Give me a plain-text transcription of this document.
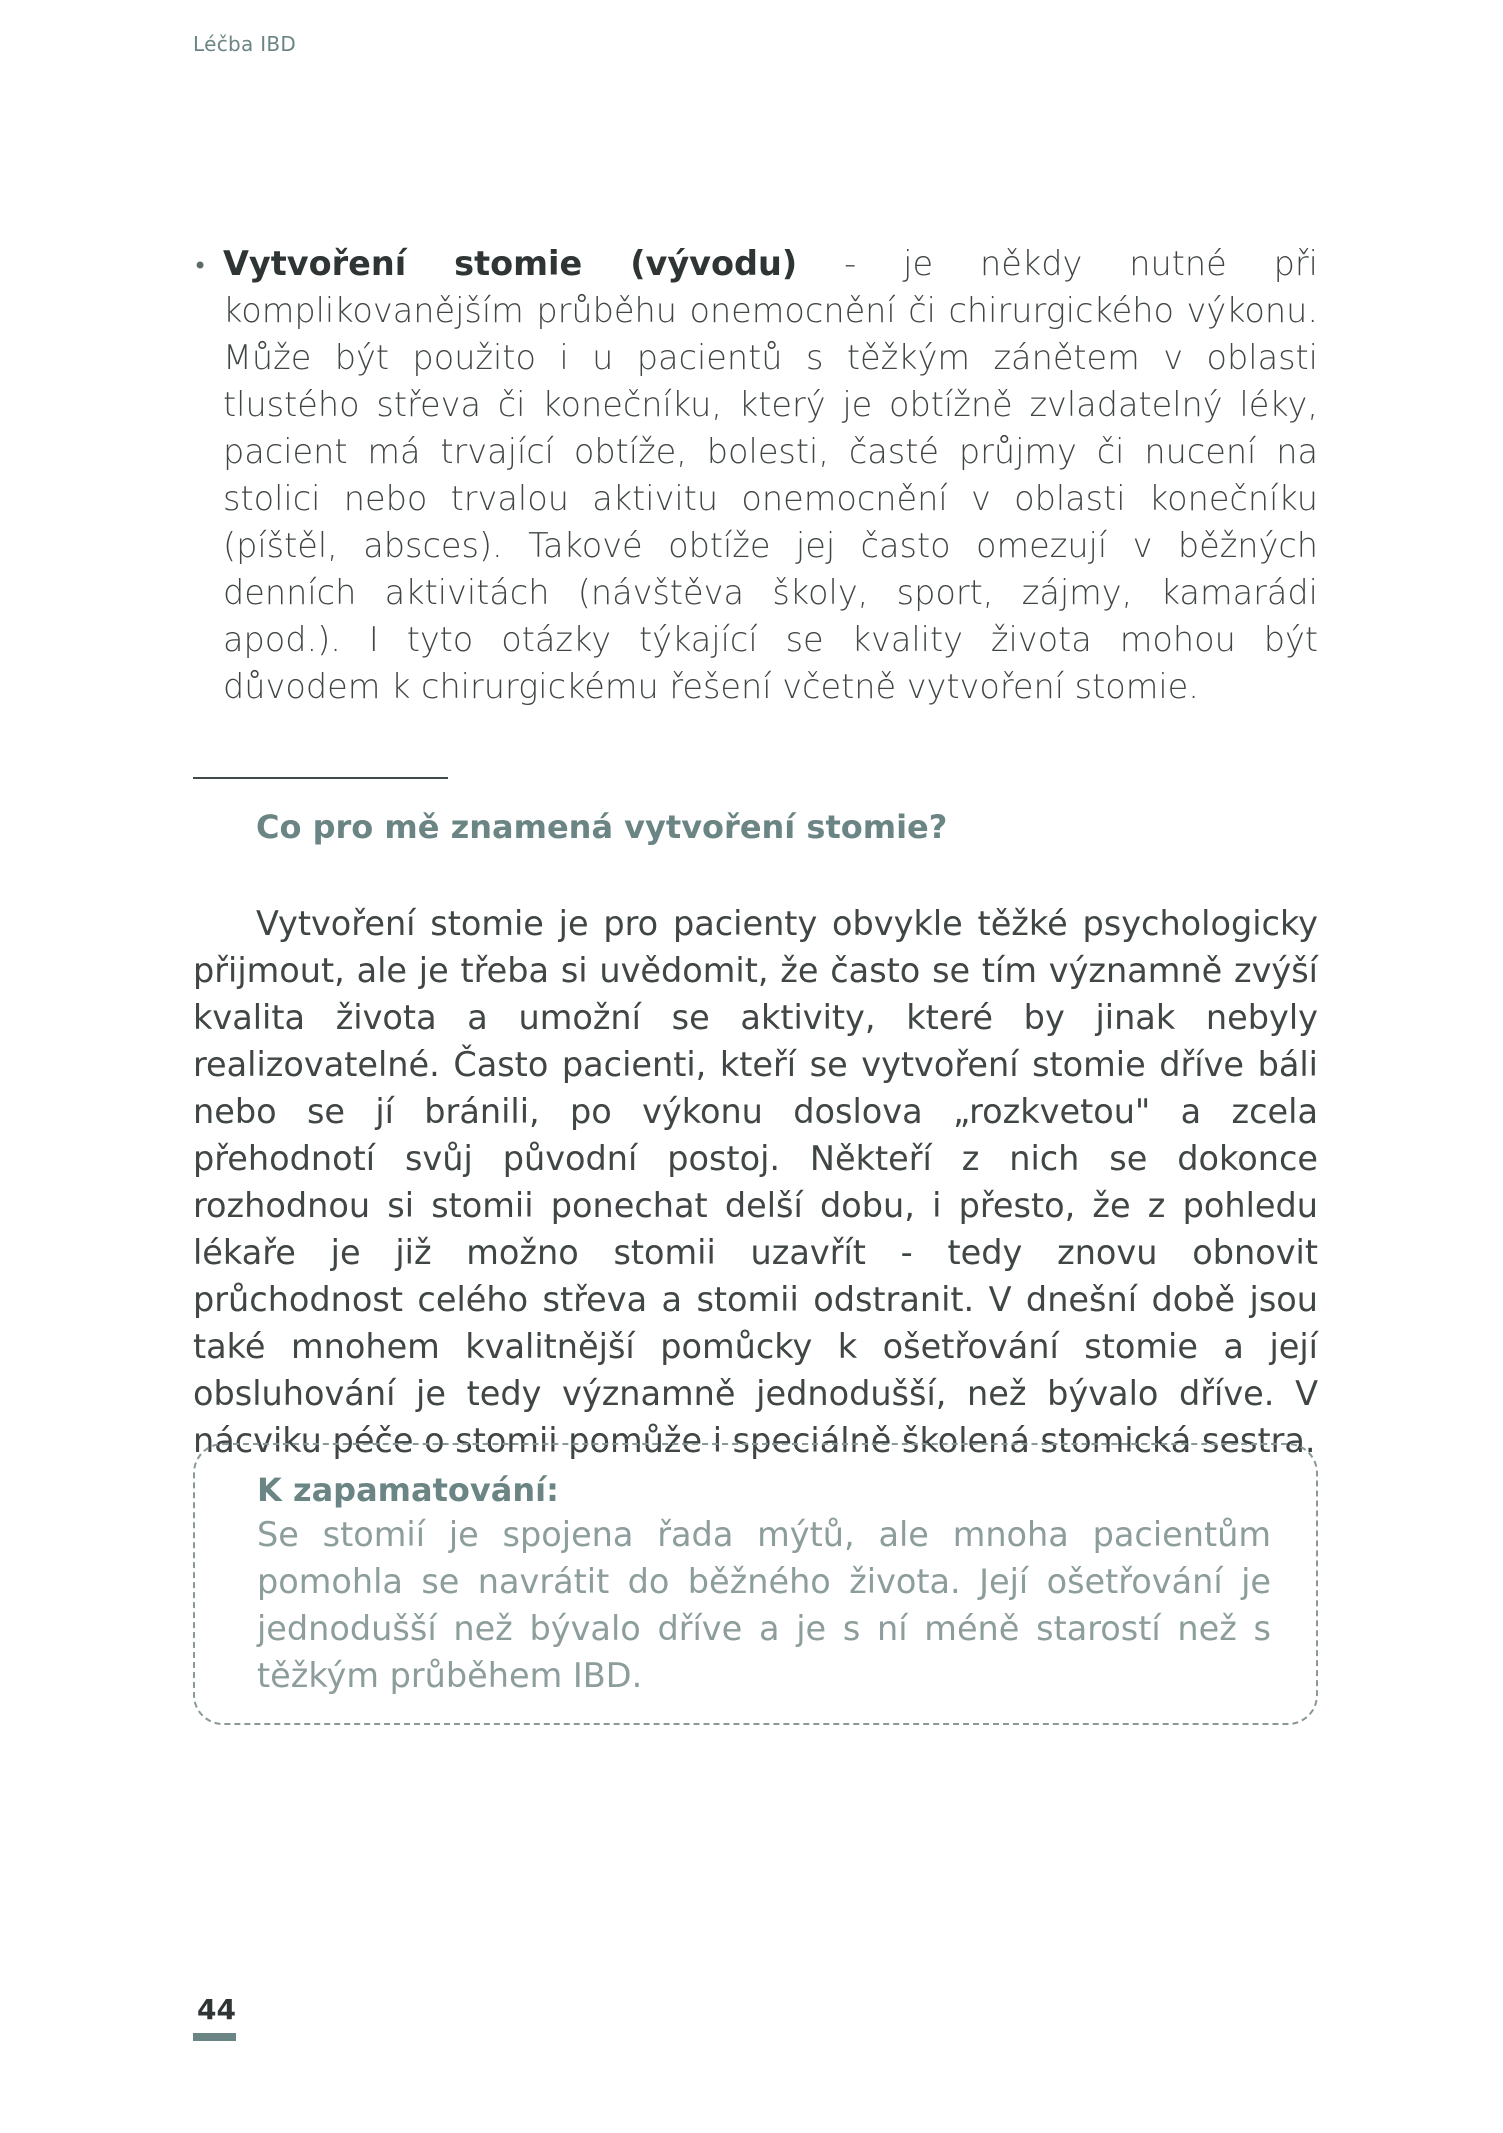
Léčba IBD
• Vytvoření stomie (vývodu) - je někdy nutné při komplikovanějším průběhu onemocnění či chirurgického výkonu. Může být použito i u pacientů s těžkým zánětem v oblasti tlustého střeva či konečníku, který je obtížně zvladatelný léky, pacient má trvající obtíže, bolesti, časté průjmy či nucení na stolici nebo trvalou aktivitu onemocnění v oblasti konečníku (píštěl, absces). Takové obtíže jej často omezují v běžných denních aktivitách (návštěva školy, sport, zájmy, kamarádi apod.). I tyto otázky týkající se kvality života mohou být důvodem k chirurgickému řešení včetně vytvoření stomie.
Co pro mě znamená vytvoření stomie?
Vytvoření stomie je pro pacienty obvykle těžké psychologicky přijmout, ale je třeba si uvědomit, že často se tím významně zvýší kvalita života a umožní se aktivity, které by jinak nebyly realizovatelné. Často pacienti, kteří se vytvoření stomie dříve báli nebo se jí bránili, po výkonu doslova „rozkvetou" a zcela přehodnotí svůj původní postoj. Někteří z nich se dokonce rozhodnou si stomii ponechat delší dobu, i přesto, že z pohledu lékaře je již možno stomii uzavřít - tedy znovu obnovit průchodnost celého střeva a stomii odstranit. V dnešní době jsou také mnohem kvalitnější pomůcky k ošetřování stomie a její obsluhování je tedy významně jednodušší, než bývalo dříve. V nácviku péče o stomii pomůže i speciálně školená stomická sestra.
K zapamatování:
Se stomií je spojena řada mýtů, ale mnoha pacientům pomohla se navrátit do běžného života. Její ošetřování je jednodušší než bývalo dříve a je s ní méně starostí než s těžkým průběhem IBD.
44
